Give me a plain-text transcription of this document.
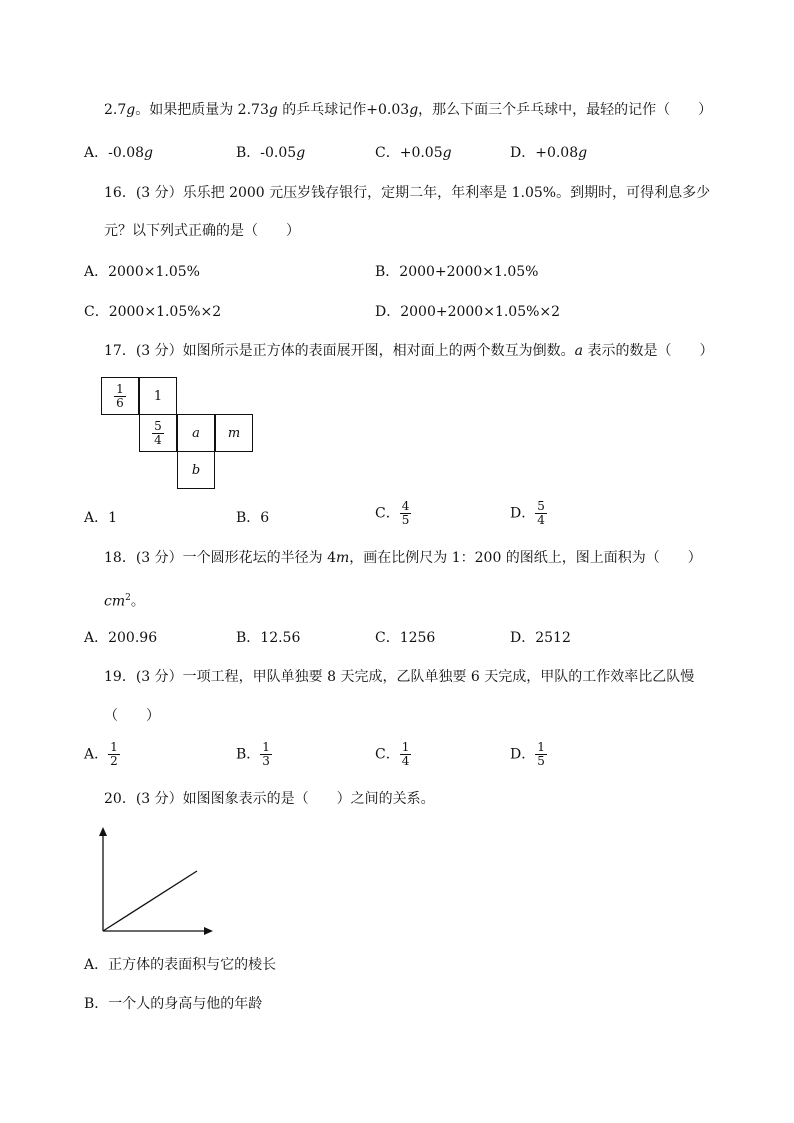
2.7g。如果把质量为 2.73g 的乒乓球记作+0.03g，那么下面三个乒乓球中，最轻的记作（　　）
A．-0.08g	B．-0.05g	C．+0.05g	D．+0.08g
16．(3 分）乐乐把 2000 元压岁钱存银行，定期二年，年利率是 1.05%。到期时，可得利息多少
元？以下列式正确的是（　　）
A．2000×1.05%	B．2000+2000×1.05%
C．2000×1.05%×2	D．2000+2000×1.05%×2
17．(3 分）如图所示是正方体的表面展开图，相对面上的两个数互为倒数。a 表示的数是（　　）
$\frac{1}{6}$	1
$\frac{5}{4}$ a m
b
A．1	B．6	C． $\frac{4}{5}$	D． $\frac{5}{4}$
18．(3 分）一个圆形花坛的半径为 4m，画在比例尺为 1：200 的图纸上，图上面积为（　　）
$cm^2$。
A．200.96	B．12.56	C．1256	D．2512
19．(3 分）一项工程，甲队单独要 8 天完成，乙队单独要 6 天完成，甲队的工作效率比乙队慢
（　　）
A． $\frac{1}{2}$	B． $\frac{1}{3}$	C． $\frac{1}{4}$	D． $\frac{1}{5}$
20．(3 分）如图图象表示的是（　　）之间的关系。
A．正方体的表面积与它的棱长
B．一个人的身高与他的年龄
